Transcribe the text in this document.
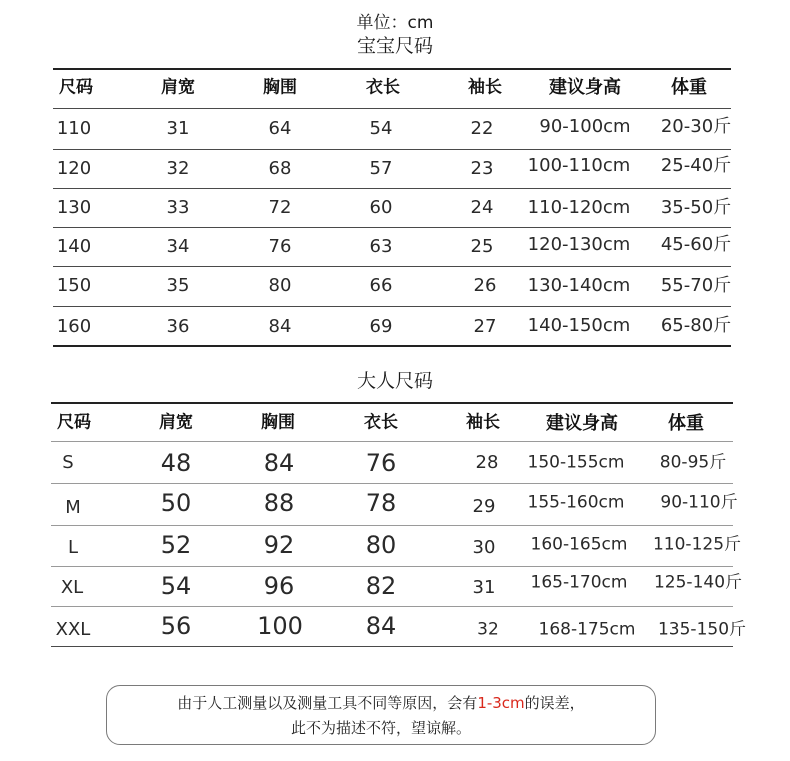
单位：cm
宝宝尺码
尺码	肩宽	胸围	衣长	袖长	建议身高	体重
110	31	64	54	22	90-100cm 20-30斤
120	32	68	57	23 100-110cm 25-40斤
130	33	72	60	24 110-120cm 35-50斤
140	34	76	63	25 120-130cm 45-60斤
150	35	80	66	26 130-140cm 55-70斤
160	36	84	69	27 140-150cm 65-80斤
大人尺码
尺码	肩宽	胸围	衣长	袖长	建议身高	体重
S	48	84	76	28 150-155cm 80-95斤
M	50	88	78	29 155-160cm 90-110斤
L	52	92	80	30 160-165cm 110-125斤
XL	54	96	82	31 165-170cm 125-140斤
XXL	56	100	84	32 168-175cm 135-150斤
由于人工测量以及测量工具不同等原因，会有1-3cm的误差，
此不为描述不符，望谅解。
